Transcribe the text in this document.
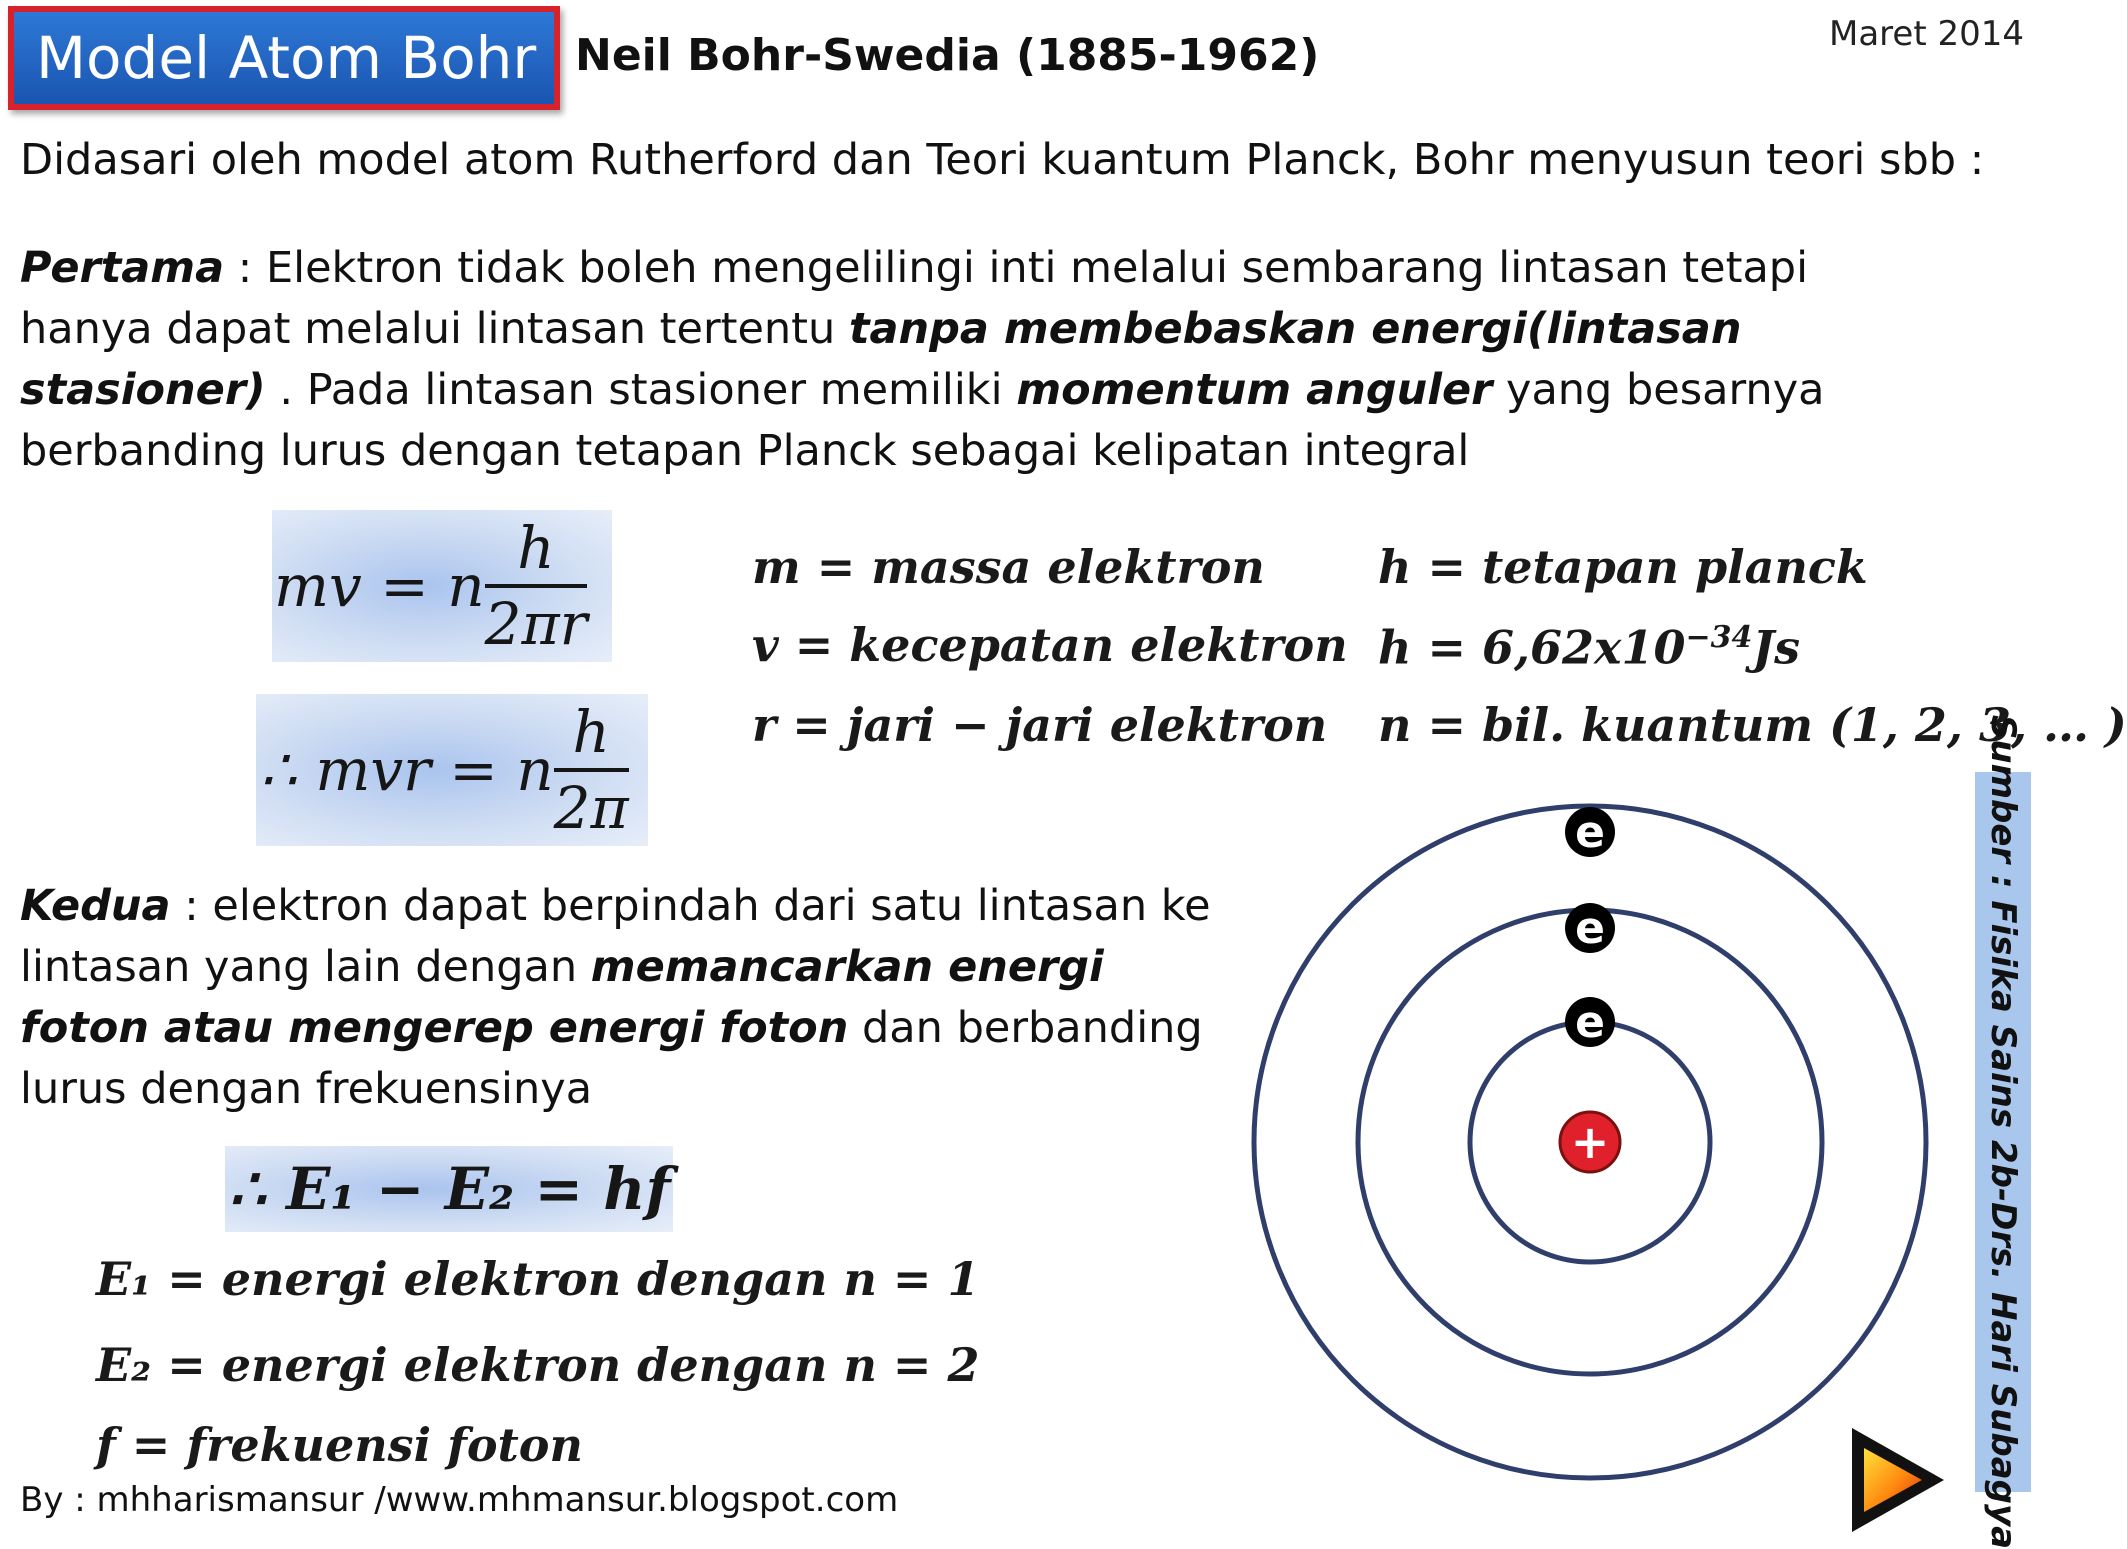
Model Atom Bohr Neil Bohr-Swedia (1885-1962)	Maret 2014
Didasari oleh model atom Rutherford dan Teori kuantum Planck, Bohr menyusun teori sbb :
Pertama : Elektron tidak boleh mengelilingi inti melalui sembarang lintasan tetapi hanya dapat melalui lintasan tertentu tanpa membebaskan energi(lintasan stasioner) . Pada lintasan stasioner memiliki momentum anguler yang besarnya berbanding lurus dengan tetapan Planck sebagai kelipatan integral
mv = n $\frac{h}{2\pi r}$
∴ mvr = n $\frac{h}{2\pi}$
m = massa elektron
v = kecepatan elektron
r = jari − jari elektron
h = tetapan planck
$h = 6,62x10^{-34}Js$
n = bil. kuantum (1, 2, 3, … )
Kedua : elektron dapat berpindah dari satu lintasan ke lintasan yang lain dengan memancarkan energi foton atau mengerep energi foton dan berbanding lurus dengan frekuensinya
∴ E₁ − E₂ = hf
E₁ = energi elektron dengan n = 1
E₂ = energi elektron dengan n = 2
f = frekuensi foton
e
e
e
+	Sumber : Fisika Sains 2b-Drs. Hari Subagya
By : mhharismansur /www.mhmansur.blogspot.com
